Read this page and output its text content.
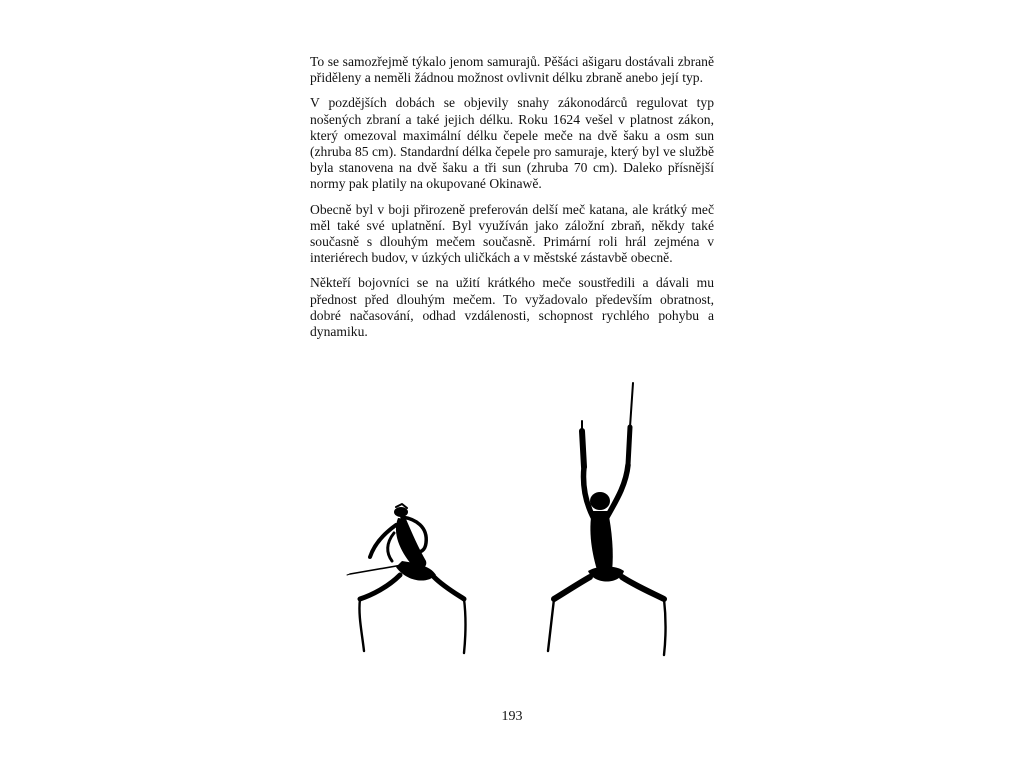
To se samozřejmě týkalo jenom samurajů. Pěšáci ašigaru dostávali zbraně přiděleny a neměli žádnou možnost ovlivnit délku zbraně anebo její typ.

V pozdějších dobách se objevily snahy zákonodárců regulovat typ nošených zbraní a také jejich délku. Roku 1624 vešel v platnost zákon, který omezoval maximální délku čepele meče na dvě šaku a osm sun (zhruba 85 cm). Standardní délka čepele pro samuraje, který byl ve službě byla stanovena na dvě šaku a tři sun (zhruba 70 cm). Daleko přísnější normy pak platily na okupované Okinawě.

Obecně byl v boji přirozeně preferován delší meč katana, ale krátký meč měl také své uplatnění. Byl využíván jako záložní zbraň, někdy také současně s dlouhým mečem současně. Primární roli hrál zejména v interiérech budov, v úzkých uličkách a v městské zástavbě obecně.

Někteří bojovníci se na užití krátkého meče soustředili a dávali mu přednost před dlouhým mečem. To vyžadovalo především obratnost, dobré načasování, odhad vzdálenosti, schopnost rychlého pohybu a dynamiku.

193
